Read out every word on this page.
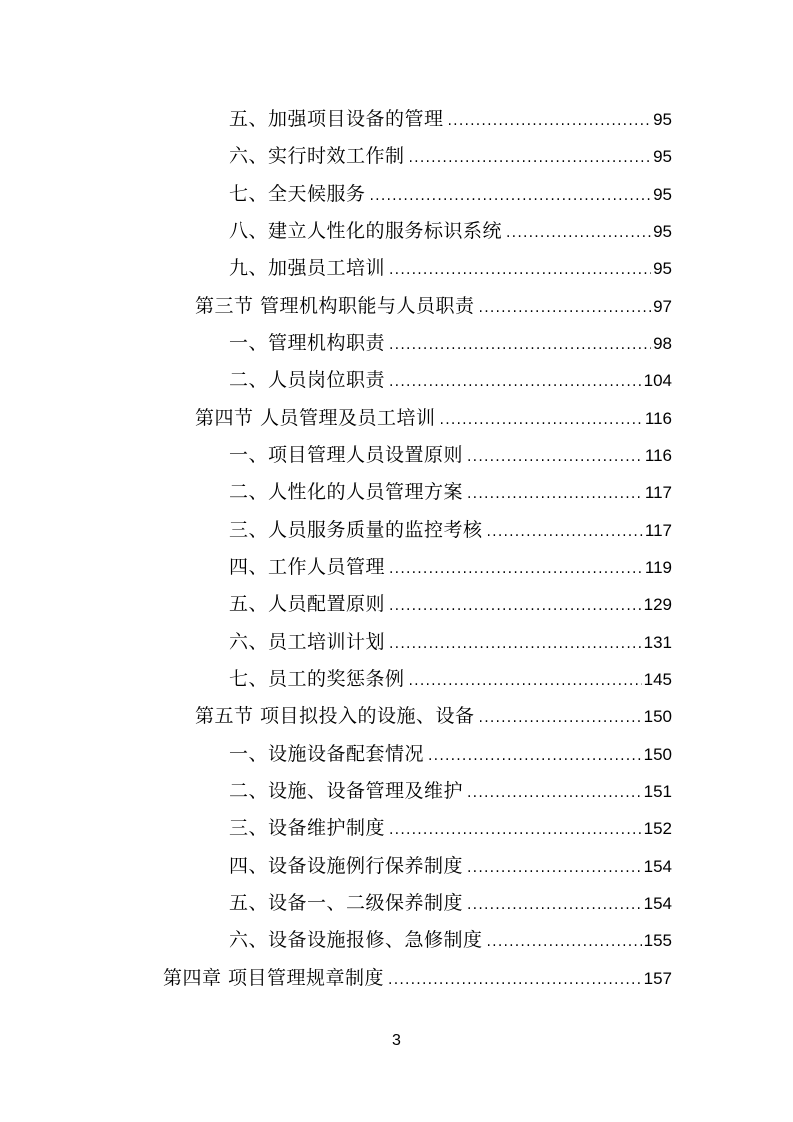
五、加强项目设备的管理 .....	95
六、实行时效工作制 .....	95
七、全天候服务 .....	95
八、建立人性化的服务标识系统 .....	95
九、加强员工培训 .....	95
第三节 管理机构职能与人员职责 .....	97
一、管理机构职责 .....	98
二、人员岗位职责 .....	104
第四节 人员管理及员工培训 .....	116
一、项目管理人员设置原则 .....	116
二、人性化的人员管理方案 .....	117
三、人员服务质量的监控考核 .....	117
四、工作人员管理 .....	119
五、人员配置原则 .....	129
六、员工培训计划 .....	131
七、员工的奖惩条例 .....	145
第五节 项目拟投入的设施、设备 .....	150
一、设施设备配套情况 .....	150
二、设施、设备管理及维护 .....	151
三、设备维护制度 .....	152
四、设备设施例行保养制度 .....	154
五、设备一、二级保养制度 .....	154
六、设备设施报修、急修制度 .....	155
第四章 项目管理规章制度 .....	157
3
